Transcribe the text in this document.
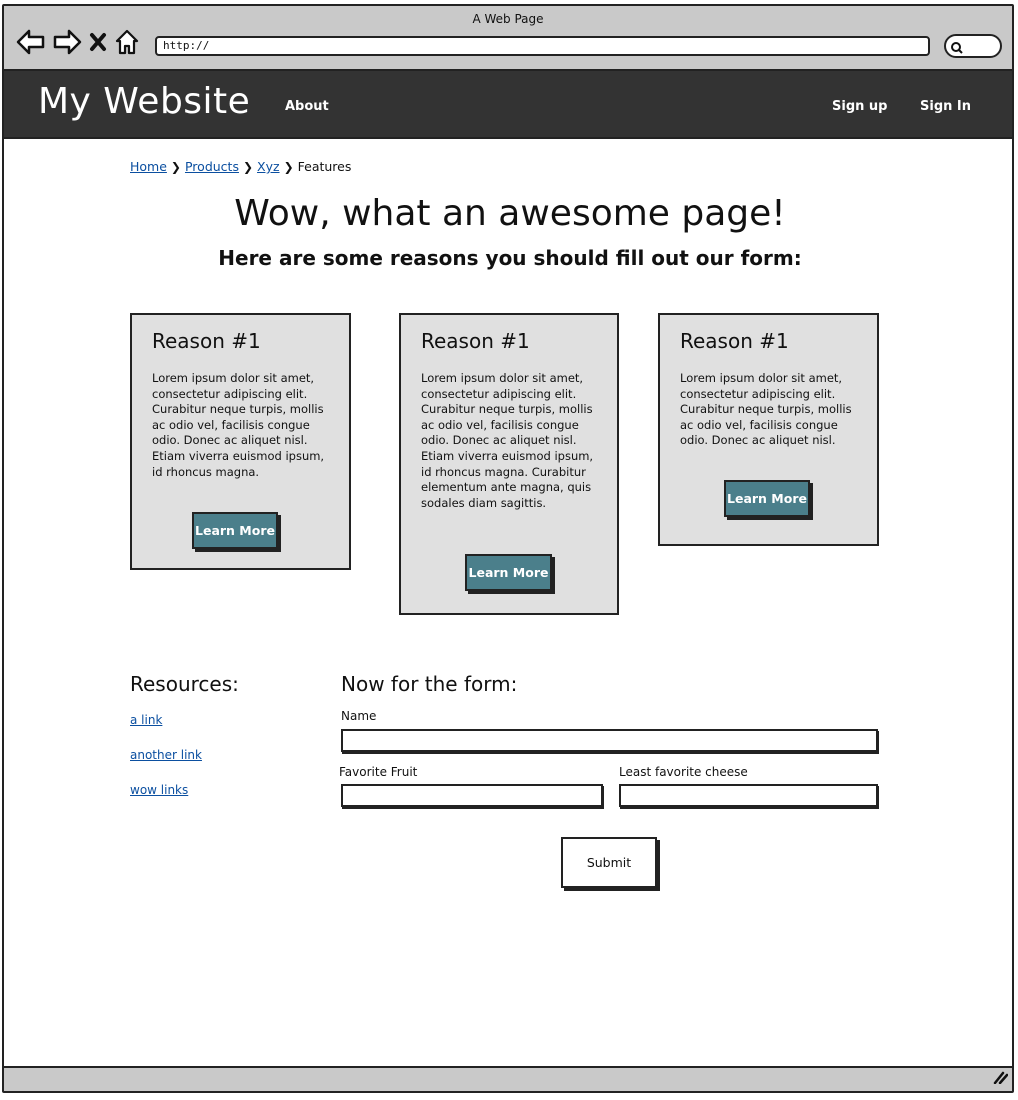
A Web Page
http://
My Website	About	Sign up	Sign In
Home ❯ Products ❯ Xyz ❯ Features
Wow, what an awesome page!
Here are some reasons you should fill out our form:
Reason #1

Lorem ipsum dolor sit amet, consectetur adipiscing elit. Curabitur neque turpis, mollis ac odio vel, facilisis congue odio. Donec ac aliquet nisl. Etiam viverra euismod ipsum, id rhoncus magna.

Learn More
Reason #1

Lorem ipsum dolor sit amet, consectetur adipiscing elit. Curabitur neque turpis, mollis ac odio vel, facilisis congue odio. Donec ac aliquet nisl. Etiam viverra euismod ipsum, id rhoncus magna. Curabitur elementum ante magna, quis sodales diam sagittis.

Learn More
Reason #1

Lorem ipsum dolor sit amet, consectetur adipiscing elit. Curabitur neque turpis, mollis ac odio vel, facilisis congue odio. Donec ac aliquet nisl.

Learn More
Resources:
a link
another link
wow links
Now for the form:
Name
Favorite Fruit	Least favorite cheese
Submit
